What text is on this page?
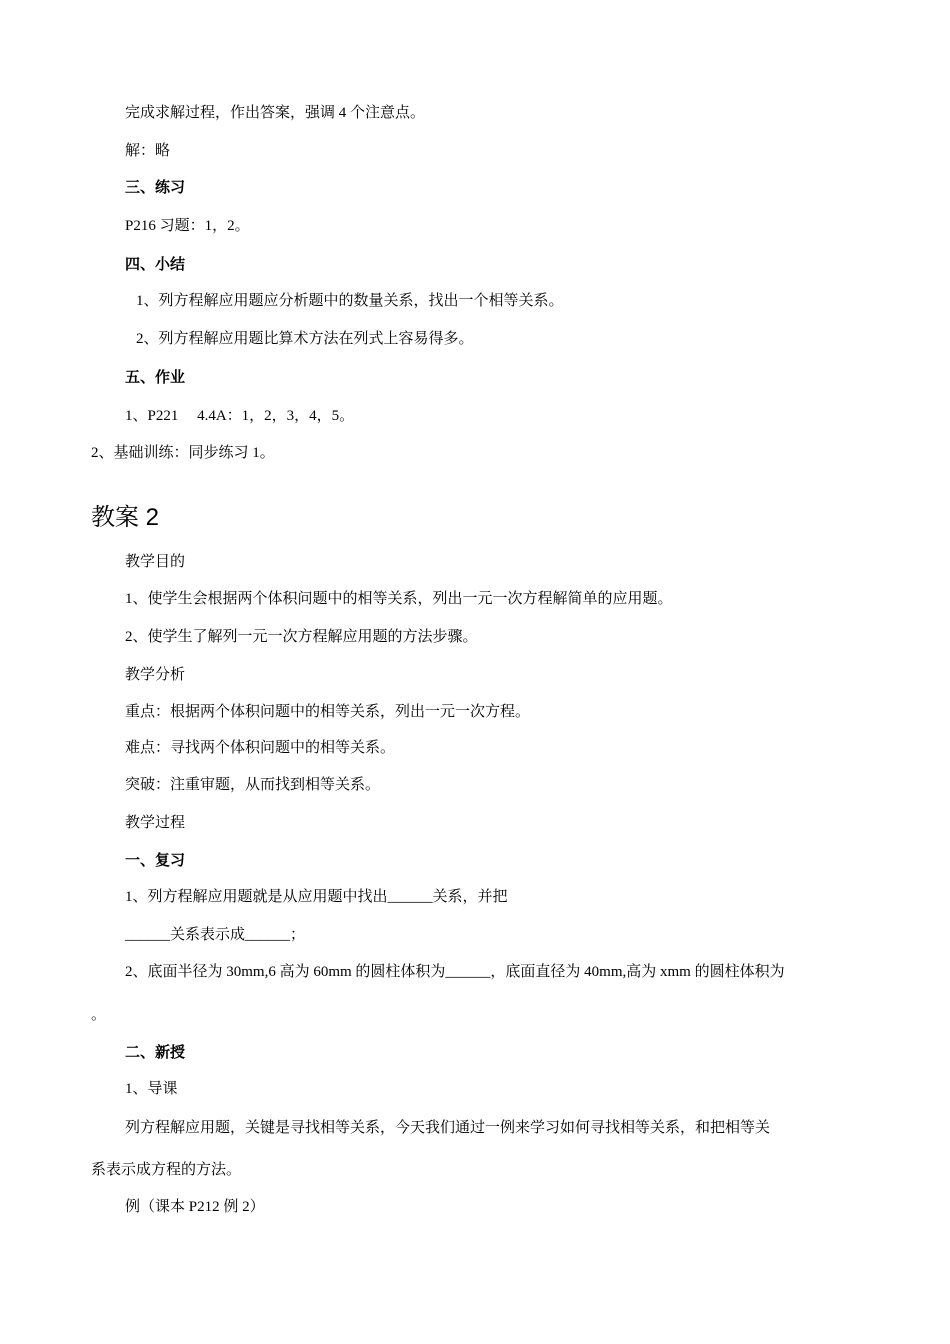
完成求解过程，作出答案，强调 4 个注意点。
解：略
三、练习
P216 习题：1，2。
四、小结
1、列方程解应用题应分析题中的数量关系，找出一个相等关系。
2、列方程解应用题比算术方法在列式上容易得多。
五、作业
1、P221     4.4A：1，2，3，4，5。
2、基础训练：同步练习 1。
教案 2
教学目的
1、使学生会根据两个体积问题中的相等关系，列出一元一次方程解简单的应用题。
2、使学生了解列一元一次方程解应用题的方法步骤。
教学分析
重点：根据两个体积问题中的相等关系，列出一元一次方程。
难点：寻找两个体积问题中的相等关系。
突破：注重审题，从而找到相等关系。
教学过程
一、复习
1、列方程解应用题就是从应用题中找出______关系，并把
______关系表示成______；
2、底面半径为 30mm,6 高为 60mm 的圆柱体积为______，底面直径为 40mm,高为 xmm 的圆柱体积为
。
二、新授
1、导课
列方程解应用题，关键是寻找相等关系，今天我们通过一例来学习如何寻找相等关系，和把相等关
系表示成方程的方法。
例（课本 P212 例 2）
